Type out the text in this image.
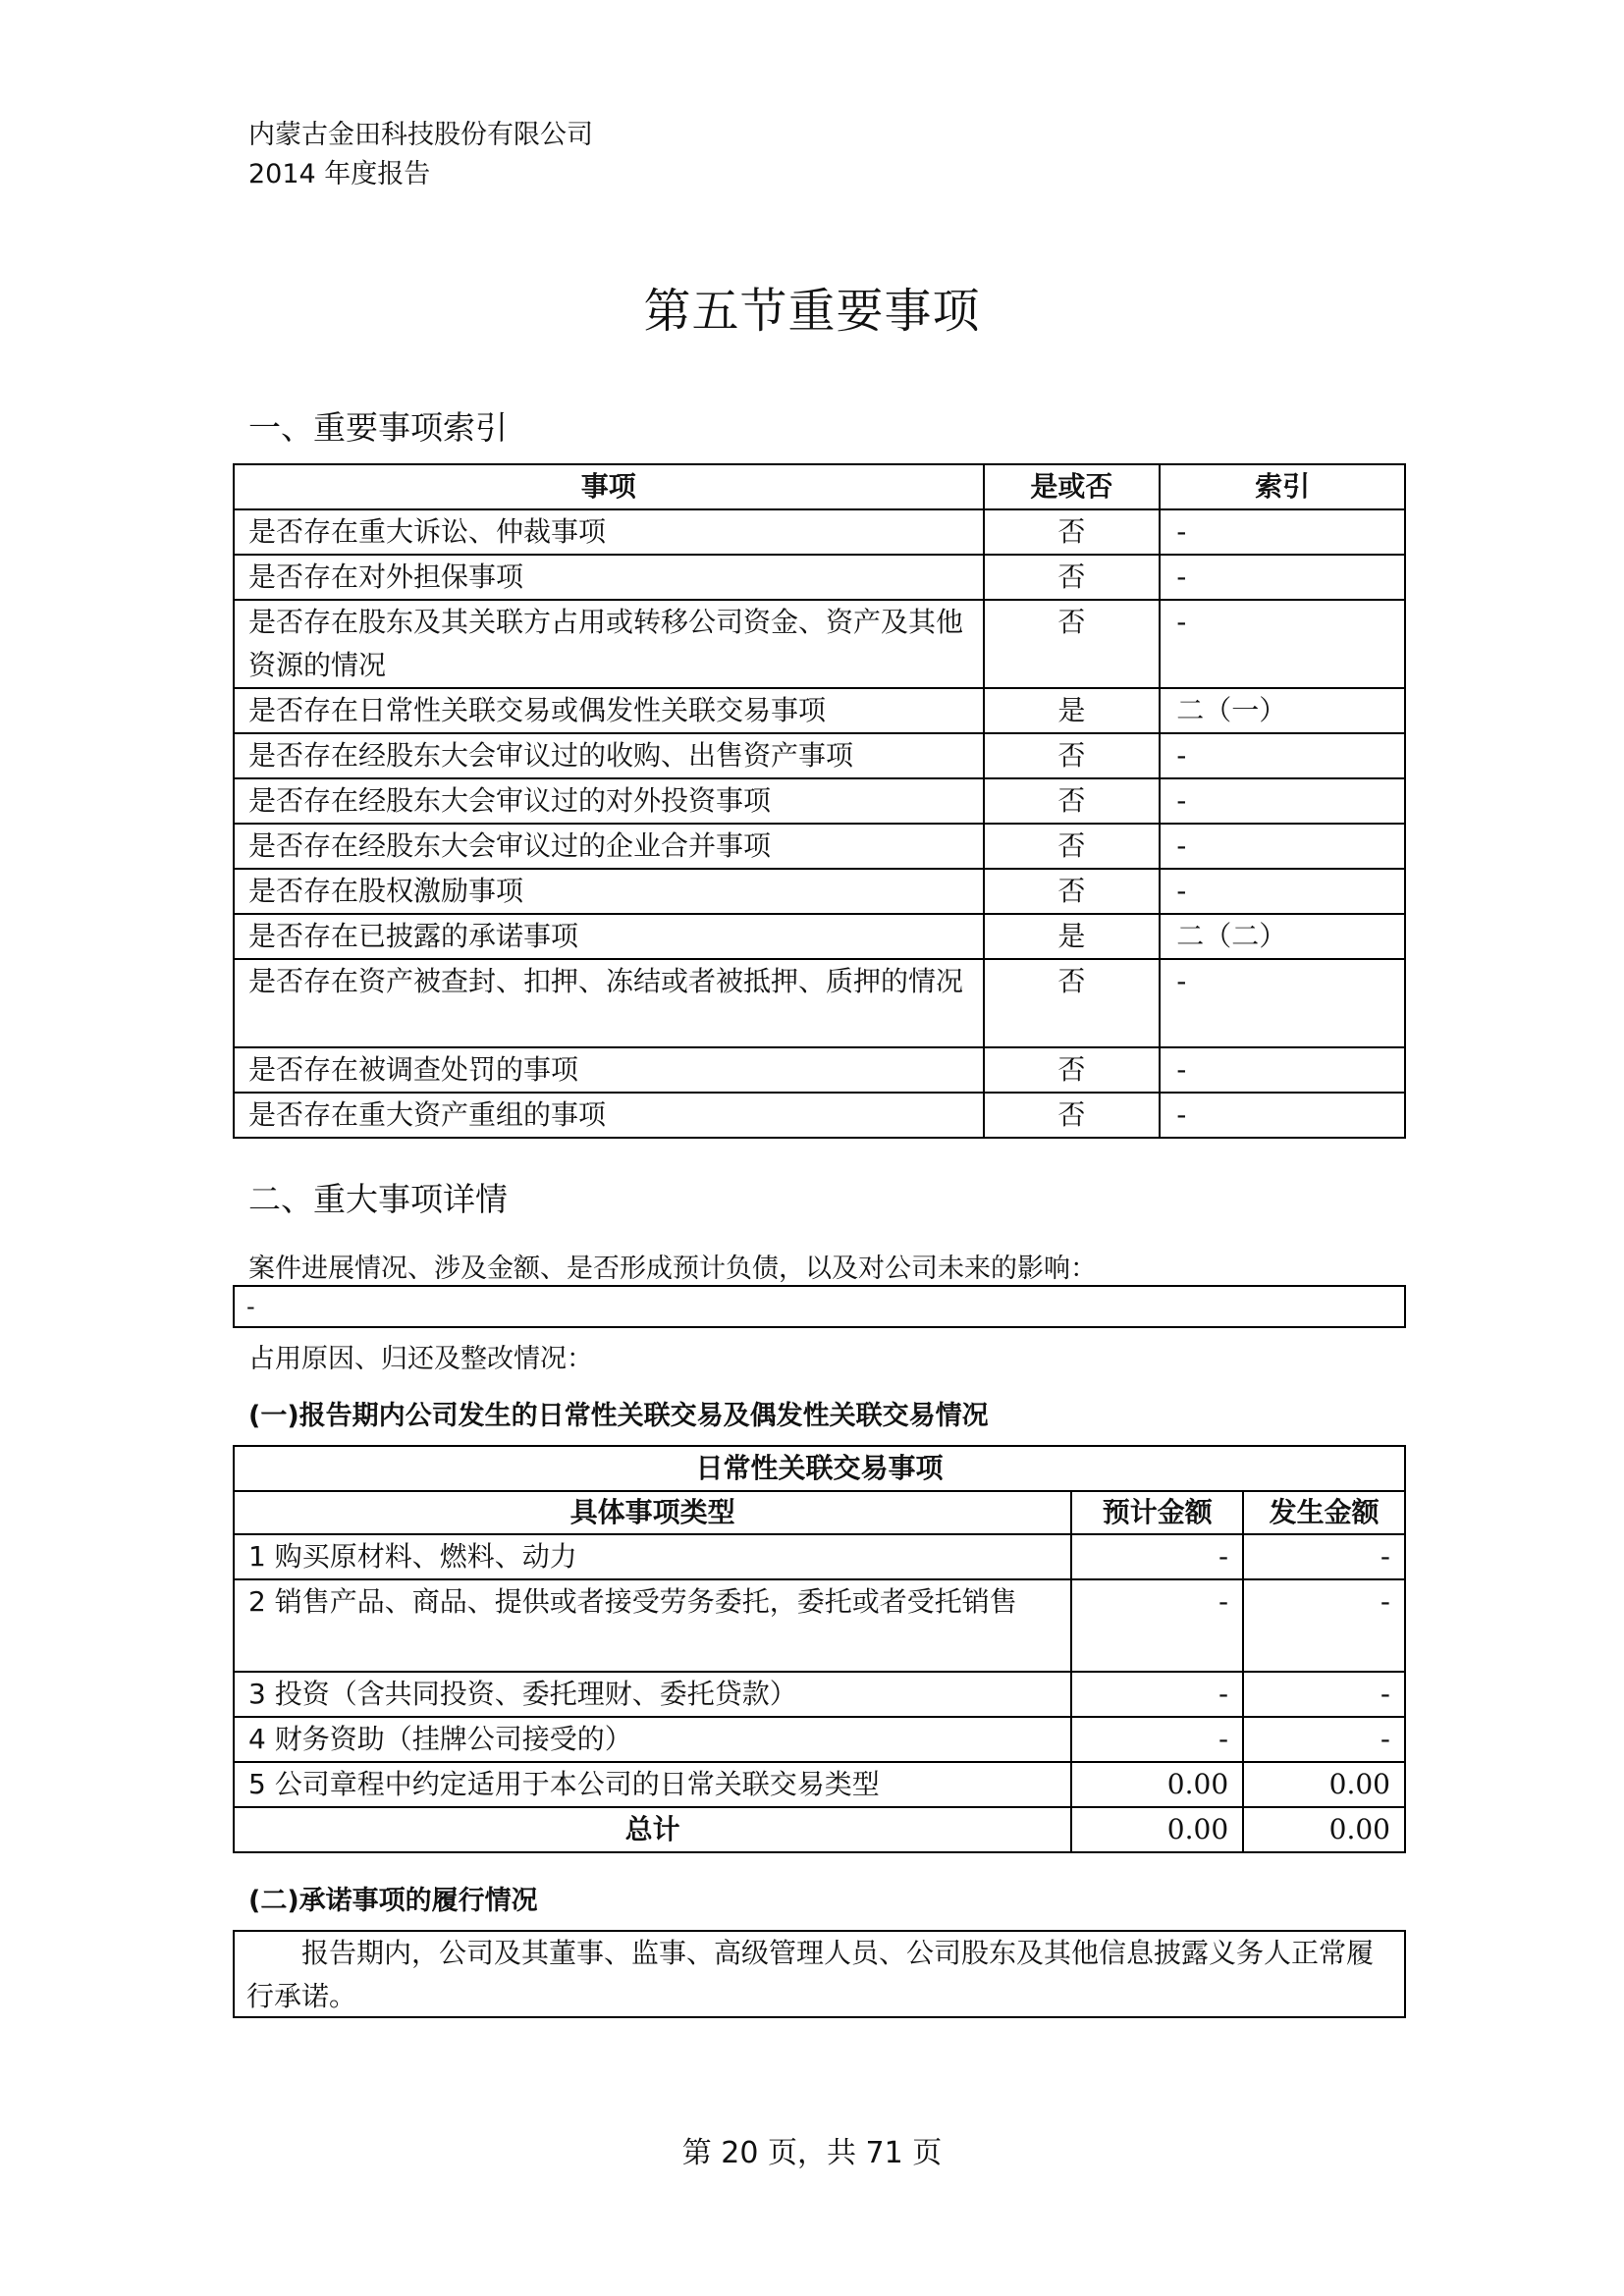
内蒙古金田科技股份有限公司
2014 年度报告
第五节重要事项
一、重要事项索引
事项	是或否	索引
是否存在重大诉讼、仲裁事项	否	-
是否存在对外担保事项	否	-
是否存在股东及其关联方占用或转移公司资金、资产及其他资源的情况	否	-
是否存在日常性关联交易或偶发性关联交易事项	是	二（一）
是否存在经股东大会审议过的收购、出售资产事项	否	-
是否存在经股东大会审议过的对外投资事项	否	-
是否存在经股东大会审议过的企业合并事项	否	-
是否存在股权激励事项	否	-
是否存在已披露的承诺事项	是	二（二）
是否存在资产被查封、扣押、冻结或者被抵押、质押的情况	否	-
是否存在被调查处罚的事项	否	-
是否存在重大资产重组的事项	否	-
二、重大事项详情
案件进展情况、涉及金额、是否形成预计负债，以及对公司未来的影响：
-
占用原因、归还及整改情况：
(一)报告期内公司发生的日常性关联交易及偶发性关联交易情况
日常性关联交易事项		
具体事项类型	预计金额	发生金额
1 购买原材料、燃料、动力	-	-
2 销售产品、商品、提供或者接受劳务委托，委托或者受托销售	-	-
3 投资（含共同投资、委托理财、委托贷款）	-	-
4 财务资助（挂牌公司接受的）	-	-
5 公司章程中约定适用于本公司的日常关联交易类型	0.00	0.00
总计	0.00	0.00
(二)承诺事项的履行情况
报告期内，公司及其董事、监事、高级管理人员、公司股东及其他信息披露义务人正常履行承诺。
第 20 页，共 71 页
